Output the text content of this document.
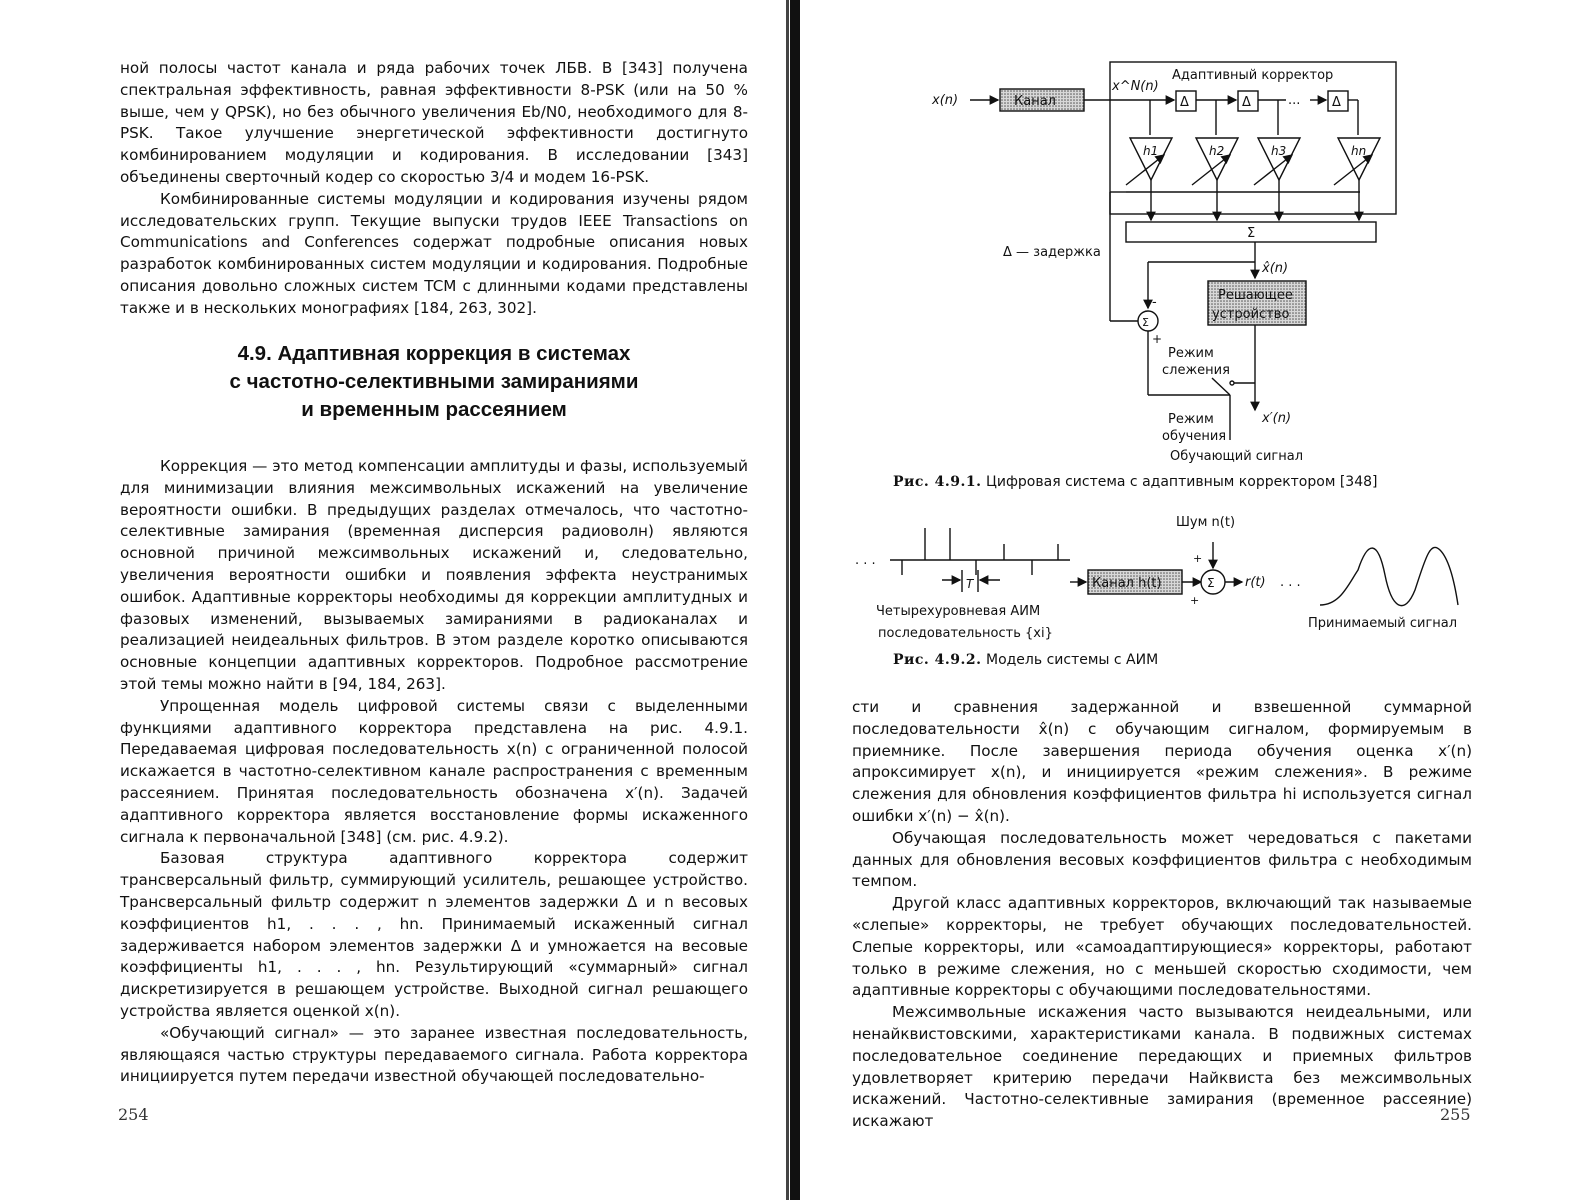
ной полосы частот канала и ряда рабочих точек ЛБВ. В [343] получена спектральная эффективность, равная эффективности 8-PSK (или на 50 % выше, чем у QPSK), но без обычного увеличения Eb/N0, необходимого для 8-PSK. Такое улучшение энергетической эффективности достигнуто комбинированием модуляции и кодирования. В исследовании [343] объединены сверточный кодер со скоростью 3/4 и модем 16-PSK.

Комбинированные системы модуляции и кодирования изучены рядом исследовательских групп. Текущие выпуски трудов IEEE Transactions on Communications and Conferences содержат подробные описания новых разработок комбинированных систем модуляции и кодирования. Подробные описания довольно сложных систем TCM с длинными кодами представлены также и в нескольких монографиях [184, 263, 302].

4.9. Адаптивная коррекция в системах
с частотно-селективными замираниями
и временным рассеянием

Коррекция — это метод компенсации амплитуды и фазы, используемый для минимизации влияния межсимвольных искажений на увеличение вероятности ошибки. В предыдущих разделах отмечалось, что частотно-селективные замирания (временная дисперсия радиоволн) являются основной причиной межсимвольных искажений и, следовательно, увеличения вероятности ошибки и появления эффекта неустранимых ошибок. Адаптивные корректоры необходимы дя коррекции амплитудных и фазовых изменений, вызываемых замираниями в радиоканалах и реализацией неидеальных фильтров. В этом разделе коротко описываются основные концепции адаптивных корректоров. Подробное рассмотрение этой темы можно найти в [94, 184, 263].

Упрощенная модель цифровой системы связи с выделенными функциями адаптивного корректора представлена на рис. 4.9.1. Передаваемая цифровая последовательность x(n) с ограниченной полосой искажается в частотно-селективном канале распространения с временным рассеянием. Принятая последовательность обозначена x′(n). Задачей адаптивного корректора является восстановление формы искаженного сигнала к первоначальной [348] (см. рис. 4.9.2).

Базовая структура адаптивного корректора содержит трансверсальный фильтр, суммирующий усилитель, решающее устройство. Трансверсальный фильтр содержит n элементов задержки Δ и n весовых коэффициентов h1, . . . , hn. Принимаемый искаженный сигнал задерживается набором элементов задержки Δ и умножается на весовые коэффициенты h1, . . . , hn. Результирующий «суммарный» сигнал дискретизируется в решающем устройстве. Выходной сигнал решающего устройства является оценкой x(n).

«Обучающий сигнал» — это заранее известная последовательность, являющаяся частью структуры передаваемого сигнала. Работа корректора инициируется путем передачи известной обучающей последовательно-

254
x(n)	Канал
x^N(n)
Адаптивный корректор
Δ	Δ	... Δ
h1	h2	h3	hn
Σ
Δ — задержка
x̂(n)
Решающее
устройство
Σ
-
+
Режим
слежения
Режим
обучения
x′(n)
Обучающий сигнал
Рис. 4.9.1. Цифровая система с адаптивным корректором [348]
. . .
T	Канал h(t)
Шум n(t)
+
+
Σ r(t) . . .
Четырехуровневая АИМ
последовательность {xi}
Принимаемый сигнал
Рис. 4.9.2. Модель системы с АИМ

сти и сравнения задержанной и взвешенной суммарной последовательности x̂(n) с обучающим сигналом, формируемым в приемнике. После завершения периода обучения оценка x′(n) апроксимирует x(n), и инициируется «режим слежения». В режиме слежения для обновления коэффициентов фильтра hi используется сигнал ошибки x′(n) − x̂(n).

Обучающая последовательность может чередоваться с пакетами данных для обновления весовых коэффициентов фильтра с необходимым темпом.

Другой класс адаптивных корректоров, включающий так называемые «слепые» корректоры, не требует обучающих последовательностей. Слепые корректоры, или «самоадаптирующиеся» корректоры, работают только в режиме слежения, но с меньшей скоростью сходимости, чем адаптивные корректоры с обучающими последовательностями.

Межсимвольные искажения часто вызываются неидеальными, или ненайквистовскими, характеристиками канала. В подвижных системах последовательное соединение передающих и приемных фильтров удовлетворяет критерию передачи Найквиста без межсимвольных искажений. Частотно-селективные замирания (временное рассеяние) искажают	255
